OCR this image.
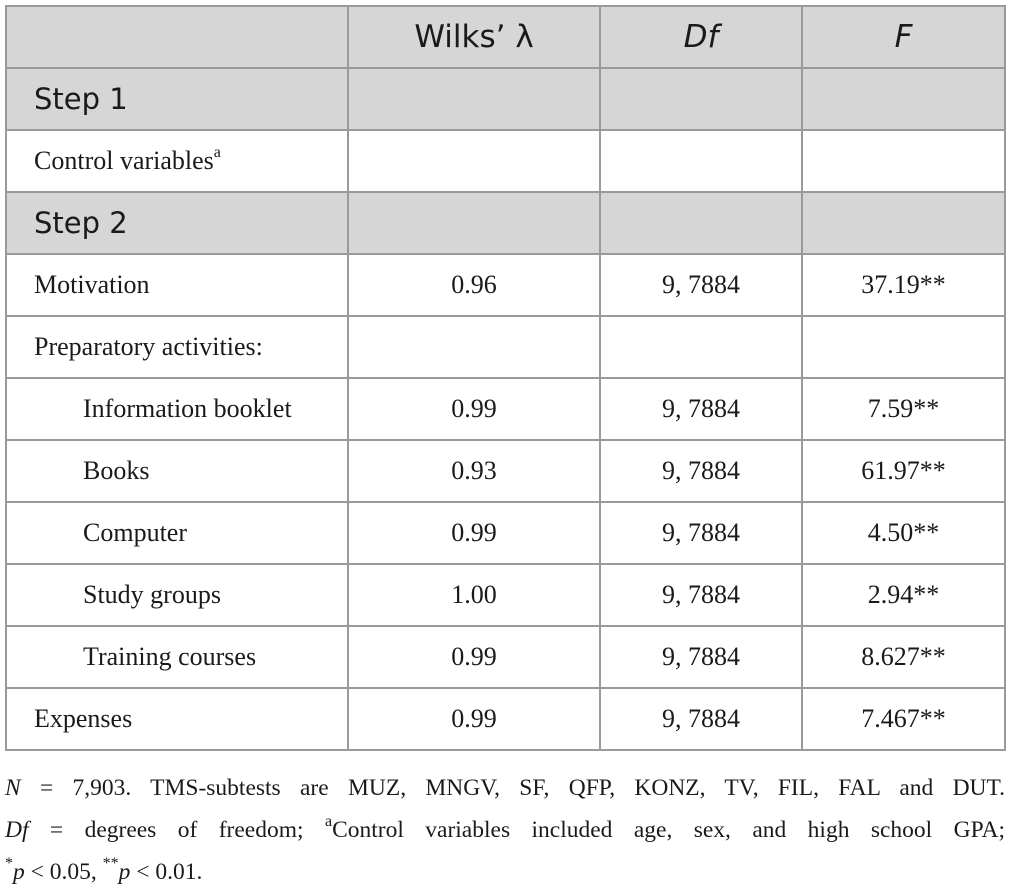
	Wilks’ λ	Df	F
Step 1			
Control variables$^a$			
Step 2			
Motivation	0.96	9, 7884	37.19**
Preparatory activities:			
Information booklet	0.99	9, 7884	7.59**
Books	0.93	9, 7884	61.97**
Computer	0.99	9, 7884	4.50**
Study groups	1.00	9, 7884	2.94**
Training courses	0.99	9, 7884	8.627**
Expenses	0.99	9, 7884	7.467**
N = 7,903. TMS-subtests are MUZ, MNGV, SF, QFP, KONZ, TV, FIL, FAL and DUT.
Df = degrees of freedom; $^a$Control variables included age, sex, and high school GPA;
*p < 0.05, **p < 0.01.
